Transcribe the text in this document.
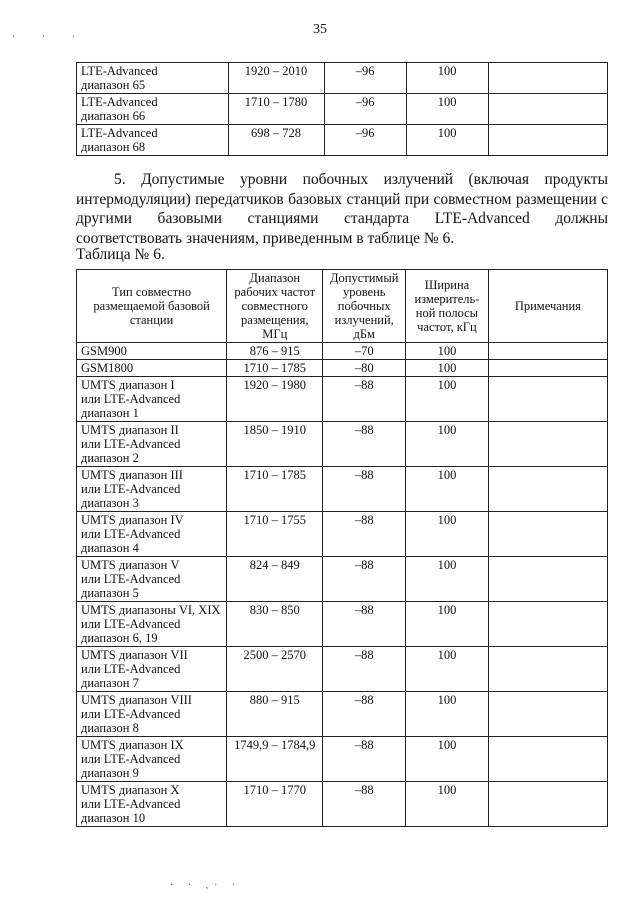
35
· · ·
LTE-Advanced
диапазон 65	1920 – 2010	–96	100	

LTE-Advanced
диапазон 66	1710 – 1780	–96	100	

LTE-Advanced
диапазон 68	698 – 728	–96	100	
5. Допустимые уровни побочных излучений (включая продукты интермодуляции) передатчиков базовых станций при совместном размещении с другими базовыми станциями стандарта LTE-Advanced должны соответствовать значениям, приведенным в таблице № 6.
Таблица № 6.
Тип совместно размещаемой базовой станции	Диапазон рабочих частот совместного размещения, МГц	Допустимый уровень побочных излучений, дБм	Ширина измеритель-ной полосы частот, кГц	Примечания

GSM900	876 – 915	–70	100	

GSM1800	1710 – 1785	–80	100	

UMTS диапазон I
или LTE-Advanced
диапазон 1	1920 – 1980	–88	100	

UMTS диапазон II
или LTE-Advanced
диапазон 2	1850 – 1910	–88	100	

UMTS диапазон III
или LTE-Advanced
диапазон 3	1710 – 1785	–88	100	

UMTS диапазон IV
или LTE-Advanced
диапазон 4	1710 – 1755	–88	100	

UMTS диапазон V
или LTE-Advanced
диапазон 5	824 – 849	–88	100	

UMTS диапазоны VI, XIX
или LTE-Advanced
диапазон 6, 19	830 – 850	–88	100	

UMTS диапазон VII
или LTE-Advanced
диапазон 7	2500 – 2570	–88	100	

UMTS диапазон VIII
или LTE-Advanced
диапазон 8	880 – 915	–88	100	

UMTS диапазон IX
или LTE-Advanced
диапазон 9	1749,9 – 1784,9	–88	100	

UMTS диапазон X
или LTE-Advanced
диапазон 10	1710 – 1770	–88	100	
· · ,· ·
